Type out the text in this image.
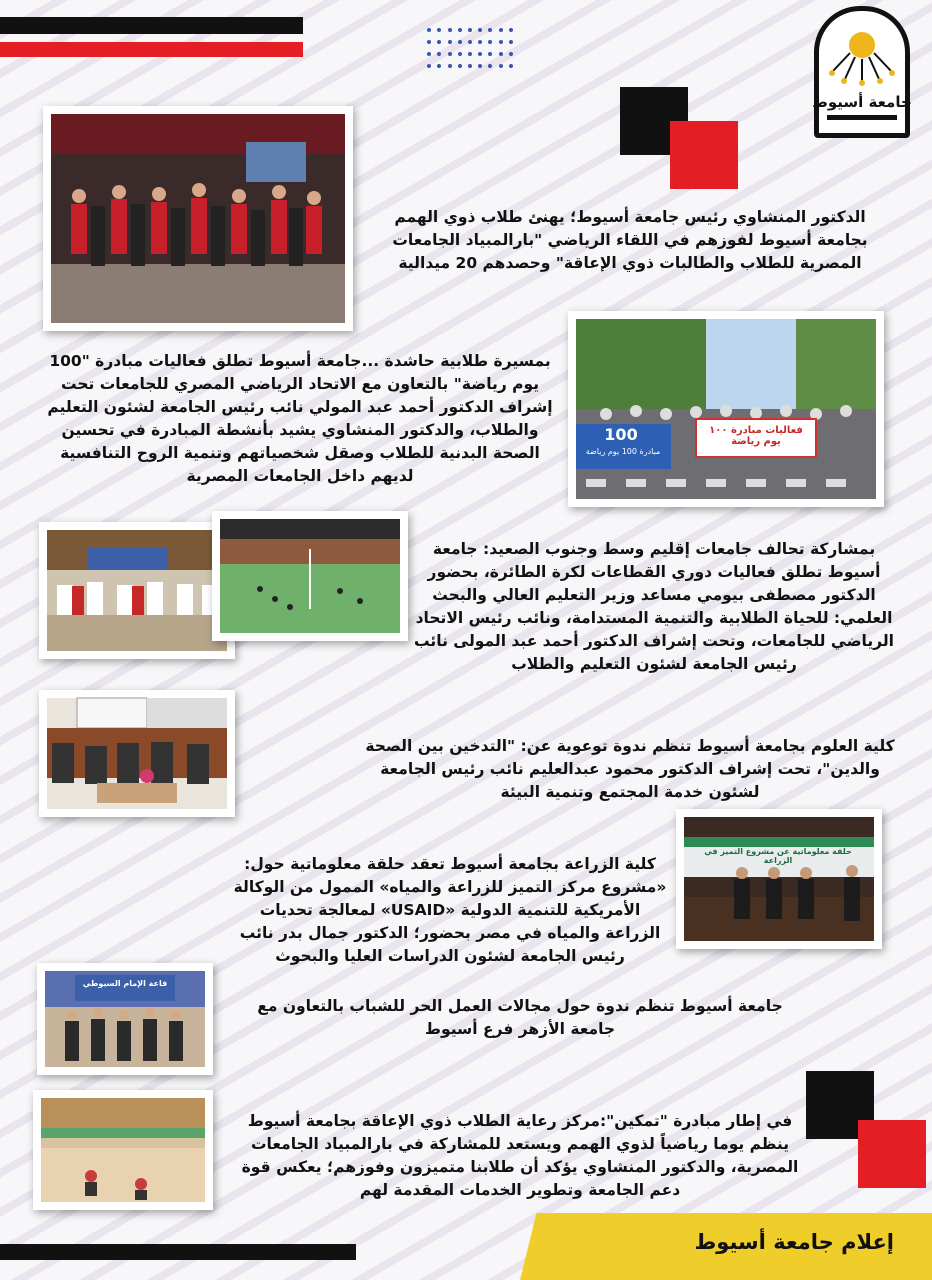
جامعة أسيوط
الدكتور المنشاوي رئيس جامعة أسيوط؛ يهنئ طلاب ذوي الهمم بجامعة أسيوط لفوزهم في اللقاء الرياضي "بارالمبياد الجامعات المصرية للطلاب والطالبات ذوي الإعاقة" وحصدهم 20 ميدالية
فعاليات مبادرة ١٠٠ يوم رياضة
100
مبادرة 100 يوم رياضة
بمسيرة طلابية حاشدة ...جامعة أسيوط تطلق فعاليات مبادرة "100 يوم رياضة" بالتعاون مع الاتحاد الرياضي المصري للجامعات تحت إشراف الدكتور أحمد عبد المولي نائب رئيس الجامعة لشئون التعليم والطلاب، والدكتور المنشاوي يشيد بأنشطة المبادرة في تحسين الصحة البدنية للطلاب وصقل شخصياتهم وتنمية الروح التنافسية لديهم داخل الجامعات المصرية
بمشاركة تحالف جامعات إقليم وسط وجنوب الصعيد: جامعة أسيوط تطلق فعاليات دوري القطاعات لكرة الطائرة، بحضور الدكتور مصطفى بيومي مساعد وزير التعليم العالي والبحث العلمي: للحياة الطلابية والتنمية المستدامة، ونائب رئيس الاتحاد الرياضي للجامعات، وتحت إشراف الدكتور أحمد عبد المولى نائب رئيس الجامعة لشئون التعليم والطلاب
كلية العلوم بجامعة أسيوط تنظم ندوة توعوية عن: "التدخين بين الصحة والدين"، تحت إشراف الدكتور محمود عبدالعليم نائب رئيس الجامعة لشئون خدمة المجتمع وتنمية البيئة
حلقة معلوماتية عن مشروع التميز في الزراعة
كلية الزراعة بجامعة أسيوط تعقد حلقة معلوماتية حول: «مشروع مركز التميز للزراعة والمياه» الممول من الوكالة الأمريكية للتنمية الدولية «USAID» لمعالجة تحديات الزراعة والمياه في مصر بحضور؛ الدكتور جمال بدر نائب رئيس الجامعة لشئون الدراسات العليا والبحوث
قاعة الإمام السيوطي
جامعة أسيوط تنظم ندوة حول مجالات العمل الحر للشباب بالتعاون مع جامعة الأزهر فرع أسيوط
في إطار مبادرة "تمكين":مركز رعاية الطلاب ذوي الإعاقة بجامعة أسيوط ينظم يوما رياضياً لذوي الهمم ويستعد للمشاركة في بارالمبياد الجامعات المصرية، والدكتور المنشاوي يؤكد أن طلابنا متميزون وفوزهم؛ يعكس قوة دعم الجامعة وتطوير الخدمات المقدمة لهم
إعلام جامعة أسيوط
